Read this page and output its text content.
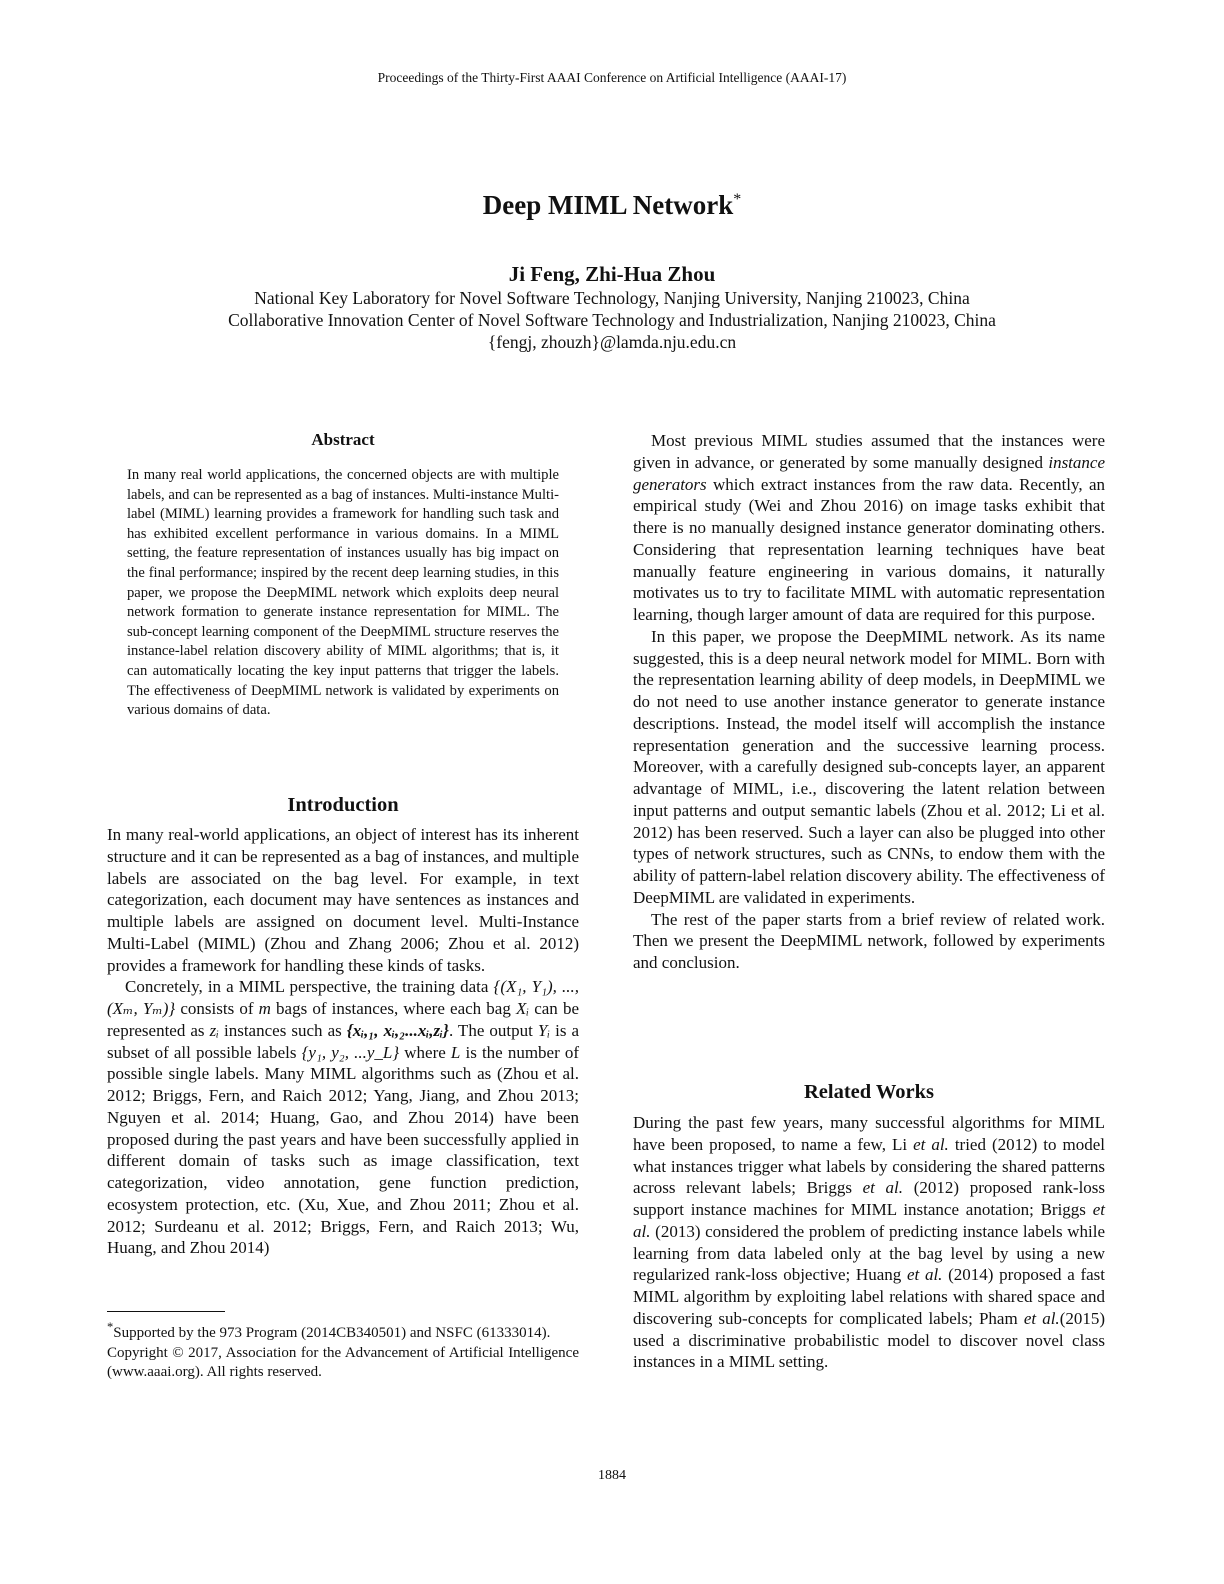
Proceedings of the Thirty-First AAAI Conference on Artificial Intelligence (AAAI-17)
Deep MIML Network*
Ji Feng, Zhi-Hua Zhou
National Key Laboratory for Novel Software Technology, Nanjing University, Nanjing 210023, China
Collaborative Innovation Center of Novel Software Technology and Industrialization, Nanjing 210023, China
{fengj, zhouzh}@lamda.nju.edu.cn
Abstract
In many real world applications, the concerned objects are with multiple labels, and can be represented as a bag of instances. Multi-instance Multi-label (MIML) learning provides a framework for handling such task and has exhibited excellent performance in various domains. In a MIML setting, the feature representation of instances usually has big impact on the final performance; inspired by the recent deep learning studies, in this paper, we propose the DeepMIML network which exploits deep neural network formation to generate instance representation for MIML. The sub-concept learning component of the DeepMIML structure reserves the instance-label relation discovery ability of MIML algorithms; that is, it can automatically locating the key input patterns that trigger the labels. The effectiveness of DeepMIML network is validated by experiments on various domains of data.
Introduction

In many real-world applications, an object of interest has its inherent structure and it can be represented as a bag of instances, and multiple labels are associated on the bag level. For example, in text categorization, each document may have sentences as instances and multiple labels are assigned on document level. Multi-Instance Multi-Label (MIML) (Zhou and Zhang 2006; Zhou et al. 2012) provides a framework for handling these kinds of tasks.

Concretely, in a MIML perspective, the training data {(X₁, Y₁), ..., (Xₘ, Yₘ)} consists of m bags of instances, where each bag Xᵢ can be represented as zᵢ instances such as {xᵢ,₁, xᵢ,₂...xᵢ,zᵢ}. The output Yᵢ is a subset of all possible labels {y₁, y₂, ...y_L} where L is the number of possible single labels. Many MIML algorithms such as (Zhou et al. 2012; Briggs, Fern, and Raich 2012; Yang, Jiang, and Zhou 2013; Nguyen et al. 2014; Huang, Gao, and Zhou 2014) have been proposed during the past years and have been successfully applied in different domain of tasks such as image classification, text categorization, video annotation, gene function prediction, ecosystem protection, etc. (Xu, Xue, and Zhou 2011; Zhou et al. 2012; Surdeanu et al. 2012; Briggs, Fern, and Raich 2013; Wu, Huang, and Zhou 2014)

*Supported by the 973 Program (2014CB340501) and NSFC (61333014).
Copyright © 2017, Association for the Advancement of Artificial Intelligence (www.aaai.org). All rights reserved.

Most previous MIML studies assumed that the instances were given in advance, or generated by some manually designed instance generators which extract instances from the raw data. Recently, an empirical study (Wei and Zhou 2016) on image tasks exhibit that there is no manually designed instance generator dominating others. Considering that representation learning techniques have beat manually feature engineering in various domains, it naturally motivates us to try to facilitate MIML with automatic representation learning, though larger amount of data are required for this purpose.

In this paper, we propose the DeepMIML network. As its name suggested, this is a deep neural network model for MIML. Born with the representation learning ability of deep models, in DeepMIML we do not need to use another instance generator to generate instance descriptions. Instead, the model itself will accomplish the instance representation generation and the successive learning process. Moreover, with a carefully designed sub-concepts layer, an apparent advantage of MIML, i.e., discovering the latent relation between input patterns and output semantic labels (Zhou et al. 2012; Li et al. 2012) has been reserved. Such a layer can also be plugged into other types of network structures, such as CNNs, to endow them with the ability of pattern-label relation discovery ability. The effectiveness of DeepMIML are validated in experiments.

The rest of the paper starts from a brief review of related work. Then we present the DeepMIML network, followed by experiments and conclusion.

Related Works

During the past few years, many successful algorithms for MIML have been proposed, to name a few, Li et al. tried (2012) to model what instances trigger what labels by considering the shared patterns across relevant labels; Briggs et al. (2012) proposed rank-loss support instance machines for MIML instance anotation; Briggs et al. (2013) considered the problem of predicting instance labels while learning from data labeled only at the bag level by using a new regularized rank-loss objective; Huang et al. (2014) proposed a fast MIML algorithm by exploiting label relations with shared space and discovering sub-concepts for complicated labels; Pham et al.(2015) used a discriminative probabilistic model to discover novel class instances in a MIML setting.

1884
